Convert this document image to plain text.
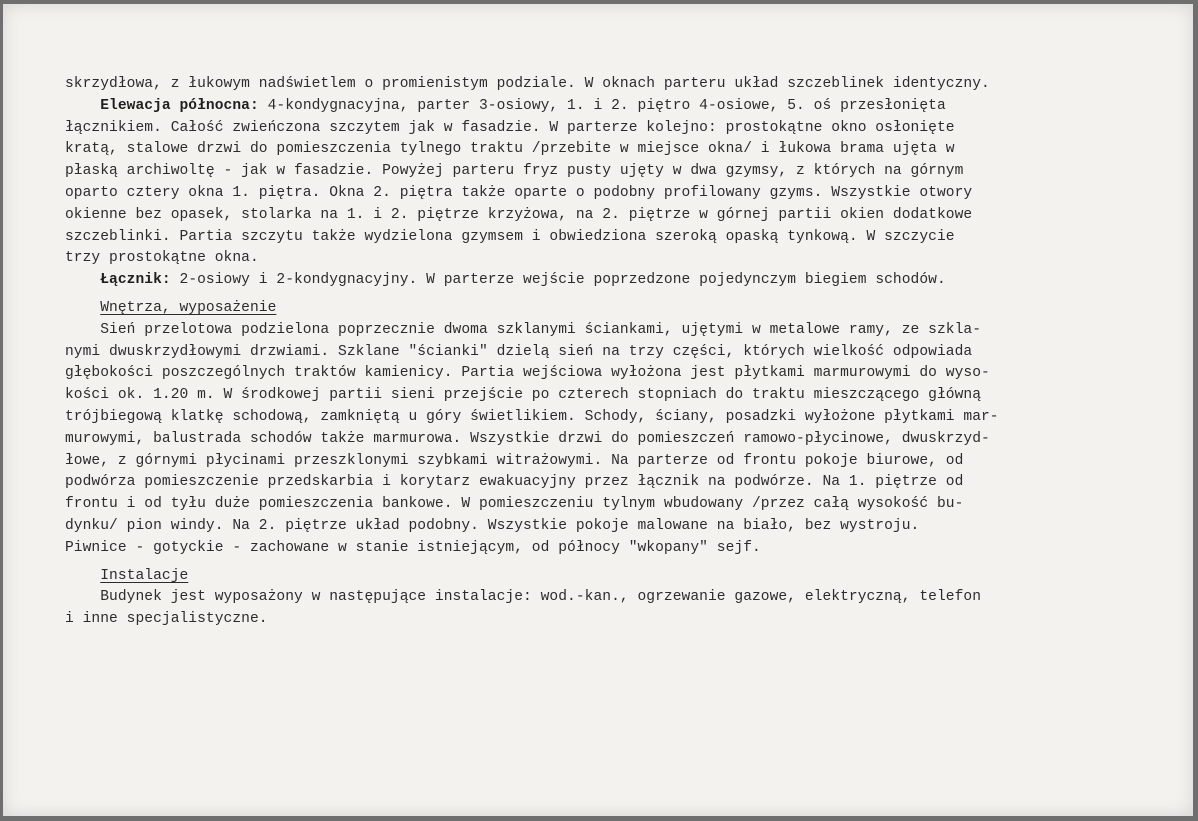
skrzydłowa, z łukowym nadświetlem o promienistym podziale. W oknach parteru układ szczeblinek identyczny.
Elewacja północna: 4-kondygnacyjna, parter 3-osiowy, 1. i 2. piętro 4-osiowe, 5. oś przesłonięta
łącznikiem. Całość zwieńczona szczytem jak w fasadzie. W parterze kolejno: prostokątne okno osłonięte
kratą, stalowe drzwi do pomieszczenia tylnego traktu /przebite w miejsce okna/ i łukowa brama ujęta w
płaską archiwoltę - jak w fasadzie. Powyżej parteru fryz pusty ujęty w dwa gzymsy, z których na górnym
oparto cztery okna 1. piętra. Okna 2. piętra także oparte o podobny profilowany gzyms. Wszystkie otwory
okienne bez opasek, stolarka na 1. i 2. piętrze krzyżowa, na 2. piętrze w górnej partii okien dodatkowe
szczeblinki. Partia szczytu także wydzielona gzymsem i obwiedziona szeroką opaską tynkową. W szczycie
trzy prostokątne okna.
Łącznik: 2-osiowy i 2-kondygnacyjny. W parterze wejście poprzedzone pojedynczym biegiem schodów.
Wnętrza, wyposażenie
Sień przelotowa podzielona poprzecznie dwoma szklanymi ściankami, ujętymi w metalowe ramy, ze szkla-
nymi dwuskrzydłowymi drzwiami. Szklane "ścianki" dzielą sień na trzy części, których wielkość odpowiada
głębokości poszczególnych traktów kamienicy. Partia wejściowa wyłożona jest płytkami marmurowymi do wyso-
kości ok. 1.20 m. W środkowej partii sieni przejście po czterech stopniach do traktu mieszczącego główną
trójbiegową klatkę schodową, zamkniętą u góry świetlikiem. Schody, ściany, posadzki wyłożone płytkami mar-
murowymi, balustrada schodów także marmurowa. Wszystkie drzwi do pomieszczeń ramowo-płycinowe, dwuskrzyd-
łowe, z górnymi płycinami przeszklonymi szybkami witrażowymi. Na parterze od frontu pokoje biurowe, od
podwórza pomieszczenie przedskarbia i korytarz ewakuacyjny przez łącznik na podwórze. Na 1. piętrze od
frontu i od tyłu duże pomieszczenia bankowe. W pomieszczeniu tylnym wbudowany /przez całą wysokość bu-
dynku/ pion windy. Na 2. piętrze układ podobny. Wszystkie pokoje malowane na biało, bez wystroju.
Piwnice - gotyckie - zachowane w stanie istniejącym, od północy "wkopany" sejf.
Instalacje
Budynek jest wyposażony w następujące instalacje: wod.-kan., ogrzewanie gazowe, elektryczną, telefon
i inne specjalistyczne.
